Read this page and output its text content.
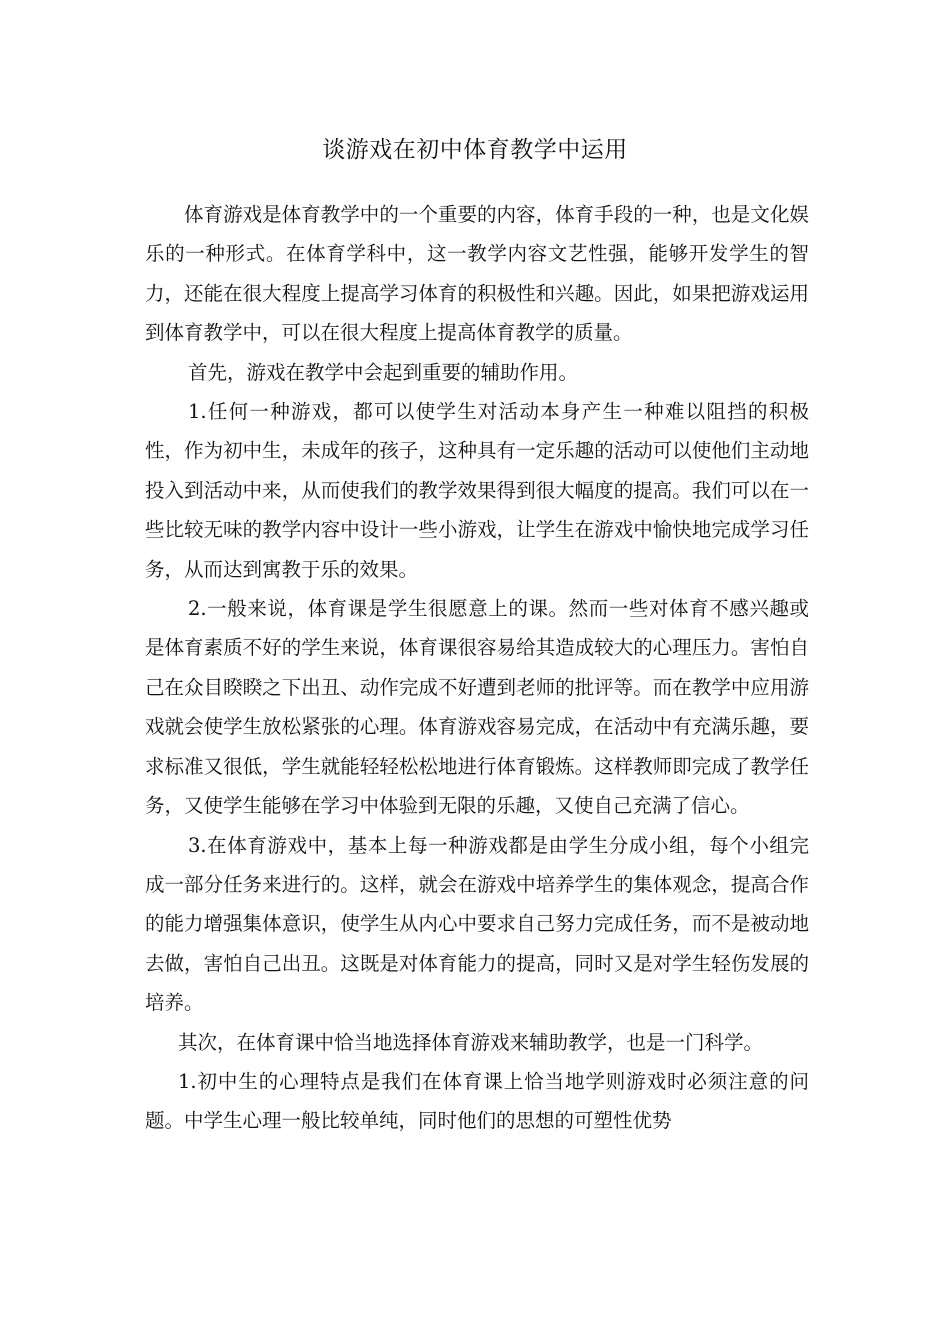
谈游戏在初中体育教学中运用

体育游戏是体育教学中的一个重要的内容，体育手段的一种，也是文化娱乐的一种形式。在体育学科中，这一教学内容文艺性强，能够开发学生的智力，还能在很大程度上提高学习体育的积极性和兴趣。因此，如果把游戏运用到体育教学中，可以在很大程度上提高体育教学的质量。

首先，游戏在教学中会起到重要的辅助作用。

1.任何一种游戏，都可以使学生对活动本身产生一种难以阻挡的积极性，作为初中生，未成年的孩子，这种具有一定乐趣的活动可以使他们主动地投入到活动中来，从而使我们的教学效果得到很大幅度的提高。我们可以在一些比较无味的教学内容中设计一些小游戏，让学生在游戏中愉快地完成学习任务，从而达到寓教于乐的效果。

2.一般来说，体育课是学生很愿意上的课。然而一些对体育不感兴趣或是体育素质不好的学生来说，体育课很容易给其造成较大的心理压力。害怕自己在众目睽睽之下出丑、动作完成不好遭到老师的批评等。而在教学中应用游戏就会使学生放松紧张的心理。体育游戏容易完成，在活动中有充满乐趣，要求标准又很低，学生就能轻轻松松地进行体育锻炼。这样教师即完成了教学任务，又使学生能够在学习中体验到无限的乐趣，又使自己充满了信心。

3.在体育游戏中，基本上每一种游戏都是由学生分成小组，每个小组完成一部分任务来进行的。这样，就会在游戏中培养学生的集体观念，提高合作的能力增强集体意识，使学生从内心中要求自己努力完成任务，而不是被动地去做，害怕自己出丑。这既是对体育能力的提高，同时又是对学生轻伤发展的培养。

其次，在体育课中恰当地选择体育游戏来辅助教学，也是一门科学。

1.初中生的心理特点是我们在体育课上恰当地学则游戏时必须注意的问题。中学生心理一般比较单纯，同时他们的思想的可塑性优势
